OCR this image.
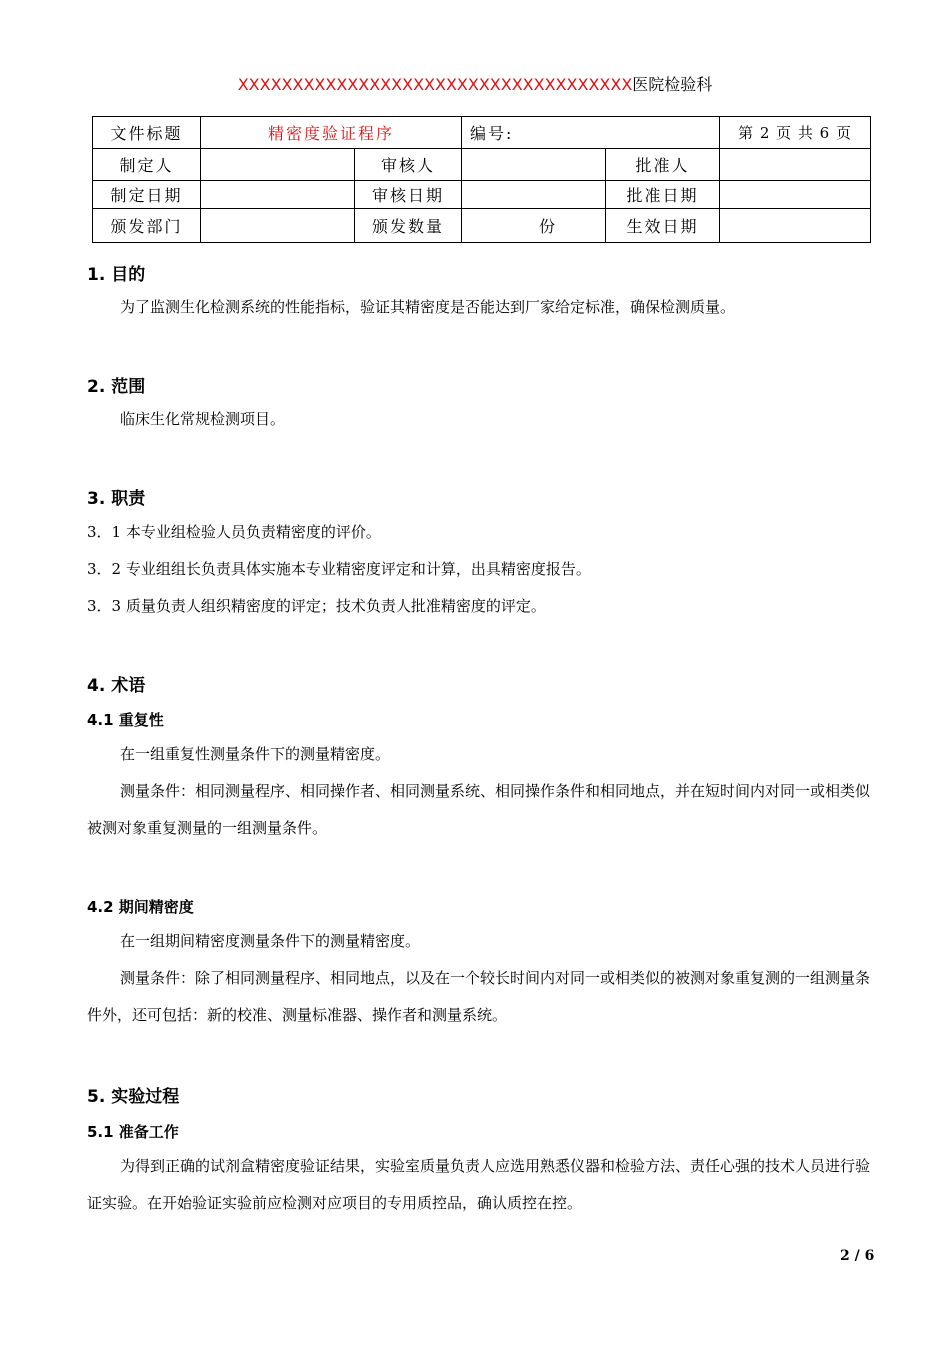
XXXXXXXXXXXXXXXXXXXXXXXXXXXXXXXXXXXX医院检验科
文件标题	精密度验证程序		编号:		第 2 页 共 6 页
制定人		审核人		批准人	
制定日期		审核日期		批准日期	
颁发部门		颁发数量	份	生效日期	
1. 目的
为了监测生化检测系统的性能指标，验证其精密度是否能达到厂家给定标准，确保检测质量。
2. 范围
临床生化常规检测项目。
3. 职责
3．1 本专业组检验人员负责精密度的评价。
3．2 专业组组长负责具体实施本专业精密度评定和计算，出具精密度报告。
3．3 质量负责人组织精密度的评定；技术负责人批准精密度的评定。
4. 术语
4.1 重复性
在一组重复性测量条件下的测量精密度。
测量条件：相同测量程序、相同操作者、相同测量系统、相同操作条件和相同地点，并在短时间内对同一或相类似被测对象重复测量的一组测量条件。
4.2 期间精密度
在一组期间精密度测量条件下的测量精密度。
测量条件：除了相同测量程序、相同地点，以及在一个较长时间内对同一或相类似的被测对象重复测的一组测量条件外，还可包括：新的校准、测量标准器、操作者和测量系统。
5. 实验过程
5.1 准备工作
为得到正确的试剂盒精密度验证结果，实验室质量负责人应选用熟悉仪器和检验方法、责任心强的技术人员进行验证实验。在开始验证实验前应检测对应项目的专用质控品，确认质控在控。
2 / 6
